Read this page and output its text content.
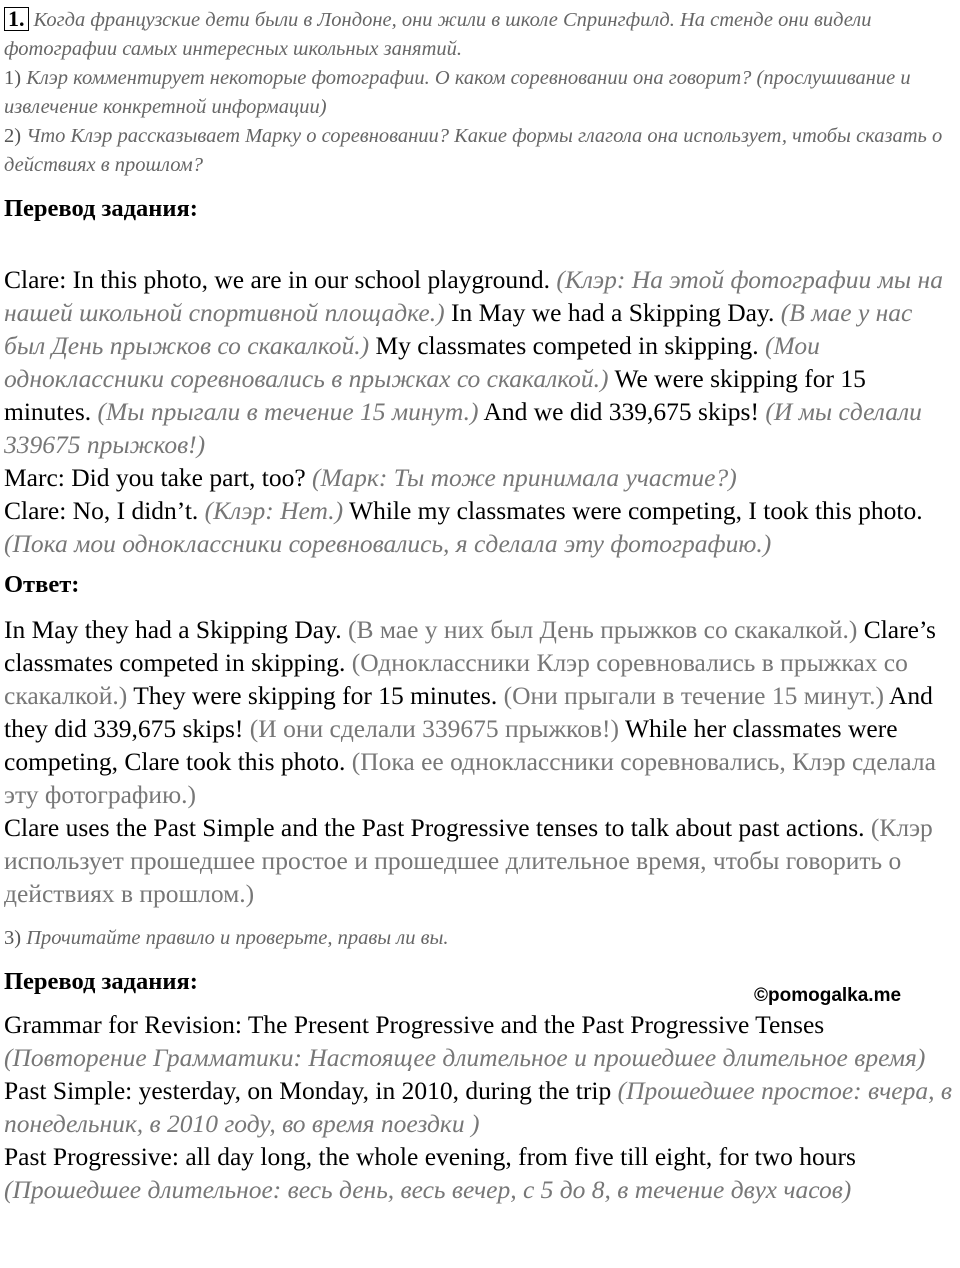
1. Когда французские дети были в Лондоне, они жили в школе Спрингфилд. На стенде они видели фотографии самых интересных школьных занятий.

1) Клэр комментирует некоторые фотографии. О каком соревновании она говорит? (прослушивание и извлечение конкретной информации)

2) Что Клэр рассказывает Марку о соревновании? Какие формы глагола она использует, чтобы сказать о действиях в прошлом?

Перевод задания:

Clare: In this photo, we are in our school playground. (Клэр: На этой фотографии мы на нашей школьной спортивной площадке.) In May we had a Skipping Day. (В мае у нас был День прыжков со скакалкой.) My classmates competed in skipping. (Мои одноклассники соревновались в прыжках со скакалкой.) We were skipping for 15 minutes. (Мы прыгали в течение 15 минут.) And we did 339,675 skips! (И мы сделали 339675 прыжков!)

Marc: Did you take part, too? (Марк: Ты тоже принимала участие?)

Clare: No, I didn’t. (Клэр: Нет.) While my classmates were competing, I took this photo. (Пока мои одноклассники соревновались, я сделала эту фотографию.)

Ответ:

In May they had a Skipping Day. (В мае у них был День прыжков со скакалкой.) Clare’s classmates competed in skipping. (Одноклассники Клэр соревновались в прыжках со скакалкой.) They were skipping for 15 minutes. (Они прыгали в течение 15 минут.) And they did 339,675 skips! (И они сделали 339675 прыжков!) While her classmates were competing, Clare took this photo. (Пока ее одноклассники соревновались, Клэр сделала эту фотографию.)

Clare uses the Past Simple and the Past Progressive tenses to talk about past actions. (Клэр использует прошедшее простое и прошедшее длительное время, чтобы говорить о действиях в прошлом.)

3) Прочитайте правило и проверьте, правы ли вы.

Перевод задания:

Grammar for Revision: The Present Progressive and the Past Progressive Tenses (Повторение Грамматики: Настоящее длительное и прошедшее длительное время)

Past Simple: yesterday, on Monday, in 2010, during the trip (Прошедшее простое: вчера, в понедельник, в 2010 году, во время поездки )

Past Progressive: all day long, the whole evening, from five till eight, for two hours (Прошедшее длительное: весь день, весь вечер, с 5 до 8, в течение двух часов)

©pomogalka.me
